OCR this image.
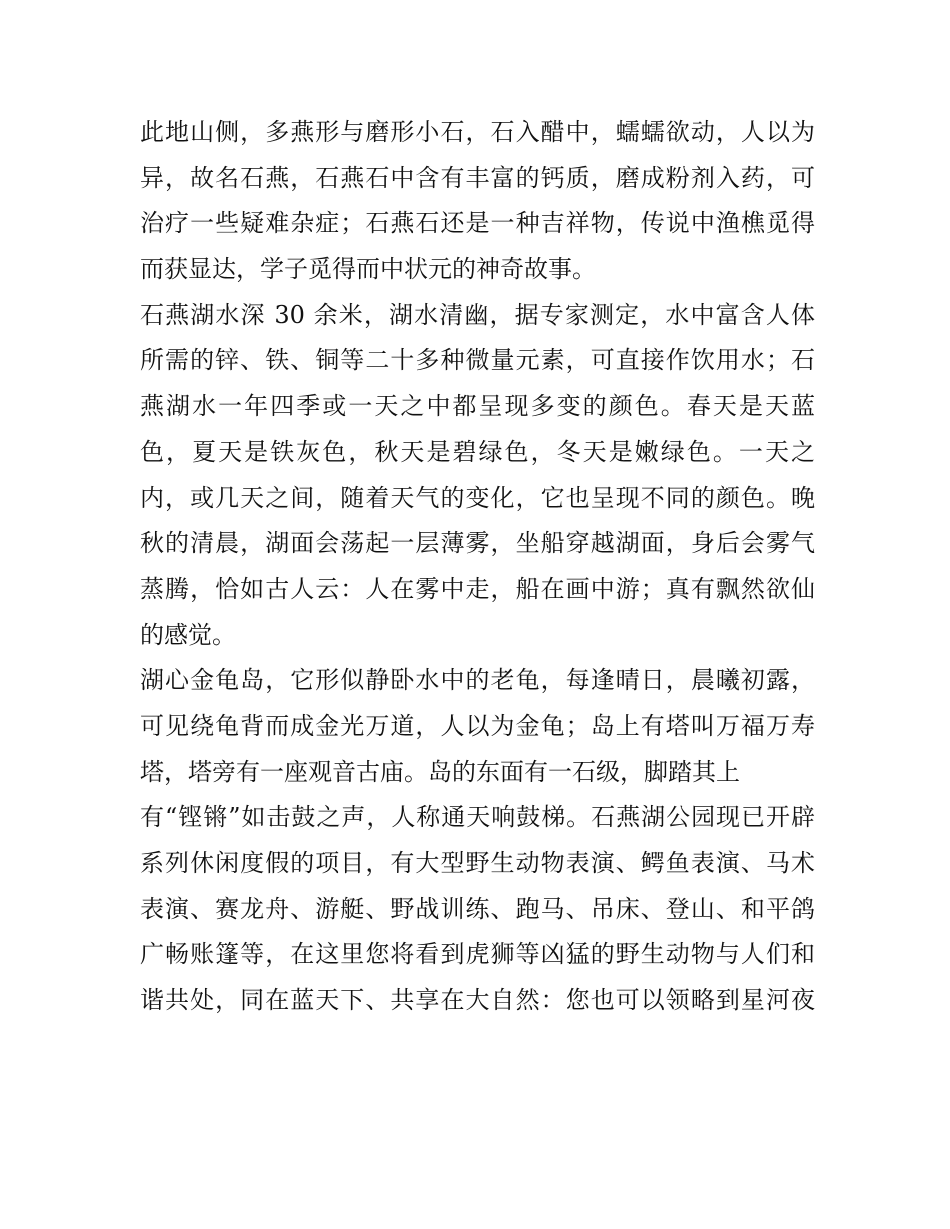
此地山侧，多燕形与磨形小石，石入醋中，蠕蠕欲动，人以为
异，故名石燕，石燕石中含有丰富的钙质，磨成粉剂入药，可
治疗一些疑难杂症；石燕石还是一种吉祥物，传说中渔樵觅得
而获显达，学子觅得而中状元的神奇故事。
石燕湖水深 30 余米，湖水清幽，据专家测定，水中富含人体
所需的锌、铁、铜等二十多种微量元素，可直接作饮用水；石
燕湖水一年四季或一天之中都呈现多变的颜色。春天是天蓝
色，夏天是铁灰色，秋天是碧绿色，冬天是嫩绿色。一天之
内，或几天之间，随着天气的变化，它也呈现不同的颜色。晚
秋的清晨，湖面会荡起一层薄雾，坐船穿越湖面，身后会雾气
蒸腾，恰如古人云：人在雾中走，船在画中游；真有飘然欲仙
的感觉。
湖心金龟岛，它形似静卧水中的老龟，每逢晴日，晨曦初露，
可见绕龟背而成金光万道，人以为金龟；岛上有塔叫万福万寿
塔，塔旁有一座观音古庙。岛的东面有一石级，脚踏其上
有“铿锵”如击鼓之声，人称通天响鼓梯。石燕湖公园现已开辟
系列休闲度假的项目，有大型野生动物表演、鳄鱼表演、马术
表演、赛龙舟、游艇、野战训练、跑马、吊床、登山、和平鸽
广畅账篷等，在这里您将看到虎狮等凶猛的野生动物与人们和
谐共处，同在蓝天下、共享在大自然：您也可以领略到星河夜
